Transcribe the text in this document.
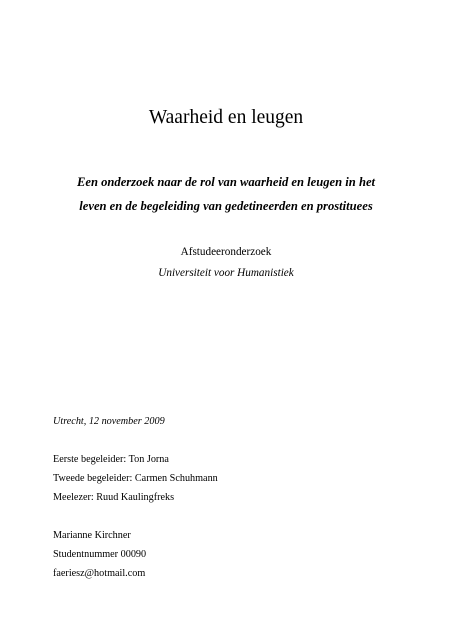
Waarheid en leugen
Een onderzoek naar de rol van waarheid en leugen in het
leven en de begeleiding van gedetineerden en prostituees
Afstudeeronderzoek
Universiteit voor Humanistiek
Utrecht, 12 november 2009
Eerste begeleider: Ton Jorna
Tweede begeleider: Carmen Schuhmann
Meelezer: Ruud Kaulingfreks
Marianne Kirchner
Studentnummer 00090
faeriesz@hotmail.com
